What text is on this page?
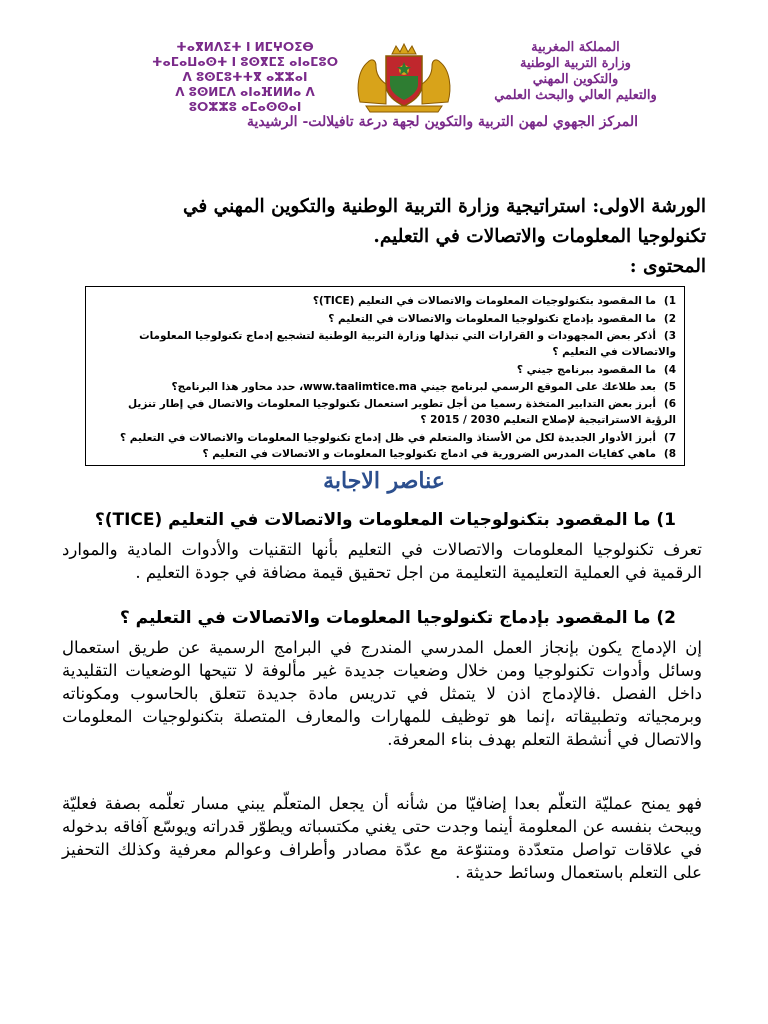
ⵜⴰⴳⵍⴷⵉⵜ ⵏ ⵍⵎⵖⵔⵉⴱ
ⵜⴰⵎⴰⵡⴰⵙⵜ ⵏ ⵓⵙⴳⵎⵉ ⴰⵏⴰⵎⵓⵔ
ⴷ ⵓⵙⵎⵓⵜⵜⴳ ⴰⵣⵣⴰⵏ
ⴷ ⵓⵙⵍⵎⴷ ⴰⵏⴰⴼⵍⵍⴰ ⴷ ⵓⵔⵣⵣⵓ ⴰⵎⴰⵙⵙⴰⵏ
المملكة المغربية
وزارة التربية الوطنية
والتكوين المهني
والتعليم العالي والبحث العلمي
المركز الجهوي لمهن التربية والتكوين لجهة درعة تافيلالت- الرشيدية
الورشة الاولى: استراتيجية وزارة التربية الوطنية والتكوين المهني في
تكنولوجيا المعلومات والاتصالات في التعليم.
المحتوى :
1)ما المقصود بتكنولوجيات المعلومات والاتصالات في التعليم (TICE)؟
2)ما المقصود بإدماج تكنولوجيا المعلومات والاتصالات في التعليم ؟
3)أذكر بعض المجهودات و القرارات التي تبذلها وزارة التربية الوطنية لتشجيع إدماج تكنولوجيا المعلومات
والاتصالات في التعليم ؟
4)ما المقصود ببرنامج جيني ؟
5)بعد طلاعك على الموقع الرسمي لبرنامج جيني www.taalimtice.ma، حدد محاور هذا البرنامج؟
6)أبرز بعض التدابير المتخذة رسميا من أجل تطوير استعمال تكنولوجيا المعلومات والاتصال في إطار تنزيل
الرؤية الاستراتيجية لإصلاح التعليم 2030 / 2015 ؟
7)أبرز الأدوار الجديدة لكل من الأستاذ والمتعلم في ظل إدماج تكنولوجيا المعلومات والاتصالات في التعليم ؟
8)ماهي كفايات المدرس الضرورية في ادماج تكنولوجيا المعلومات و الاتصالات في التعليم ؟
عناصر الاجابة
1) ما المقصود بتكنولوجيات المعلومات والاتصالات في التعليم (TICE)؟
تعرف تكنولوجيا المعلومات والاتصالات في التعليم بأنها التقنيات والأدوات المادية والموارد الرقمية في العملية التعليمية التعليمة من اجل تحقيق قيمة مضافة في جودة التعليم .
2) ما المقصود بإدماج تكنولوجيا المعلومات والاتصالات في التعليم ؟
إن الإدماج يكون بإنجاز العمل المدرسي المندرج في البرامج الرسمية عن طريق استعمال وسائل وأدوات تكنولوجيا ومن خلال وضعيات جديدة غير مألوفة لا تتيحها الوضعيات التقليدية داخل الفصل .فالإدماج اذن لا يتمثل في تدريس مادة جديدة تتعلق بالحاسوب ومكوناته وبرمجياته وتطبيقاته ،إنما هو توظيف للمهارات والمعارف المتصلة بتكنولوجيات المعلومات والاتصال في أنشطة التعلم بهدف بناء المعرفة.
فهو يمنح عمليّة التعلّم بعدا إضافيّا من شأنه أن يجعل المتعلّم يبني مسار تعلّمه بصفة فعليّة ويبحث بنفسه عن المعلومة أينما وجدت حتى يغني مكتسباته ويطوّر قدراته ويوسّع آفاقه بدخوله في علاقات تواصل متعدّدة ومتنوّعة مع عدّة مصادر وأطراف وعوالم معرفية وكذلك التحفيز على التعلم باستعمال وسائط حديثة .
